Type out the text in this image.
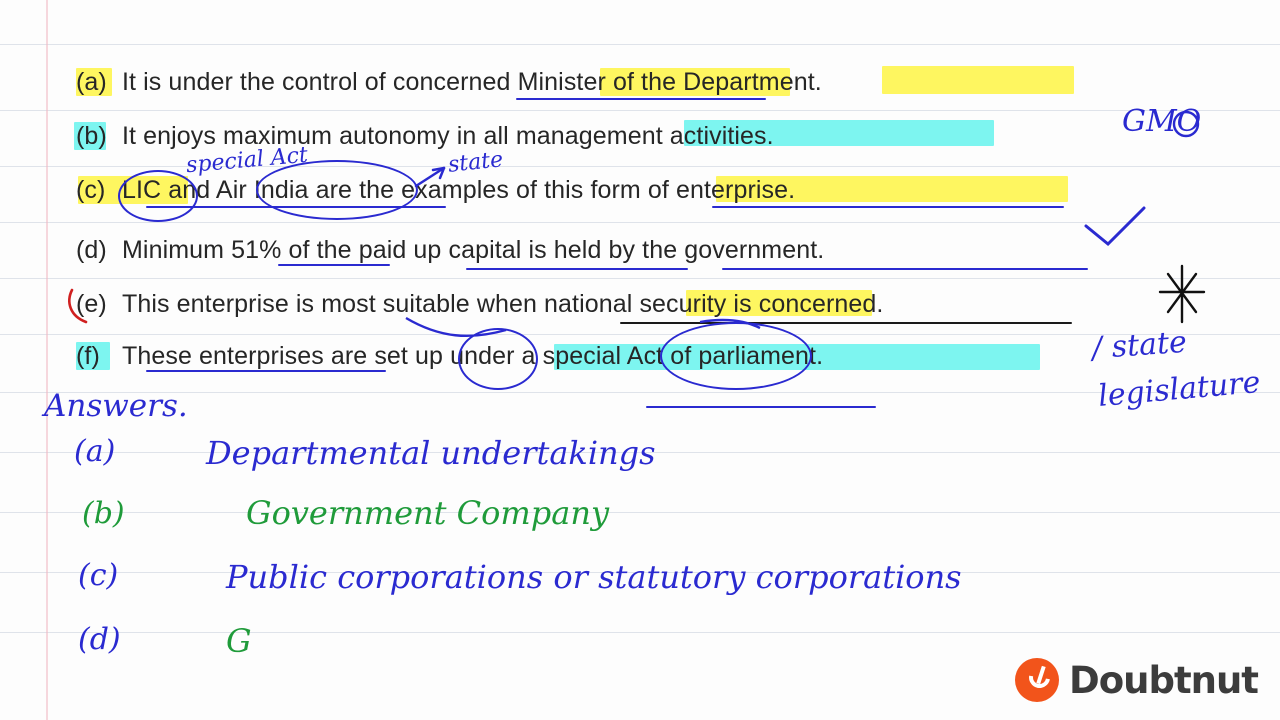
(a) It is under the control of concerned Minister of the Department.
(b) It enjoys maximum autonomy in all management activities.
(c) LIC and Air India are the examples of this form of enterprise.
(d) Minimum 51% of the paid up capital is held by the government.
(e) This enterprise is most suitable when national security is concerned.
(f) These enterprises are set up under a special Act of parliament.
GMO
special Act	state
/ state
legislature
Answers.
(a)	Departmental undertakings
(b)	Government Company
(c)	Public corporations or statutory corporations
(d)	G
Doubtnut
